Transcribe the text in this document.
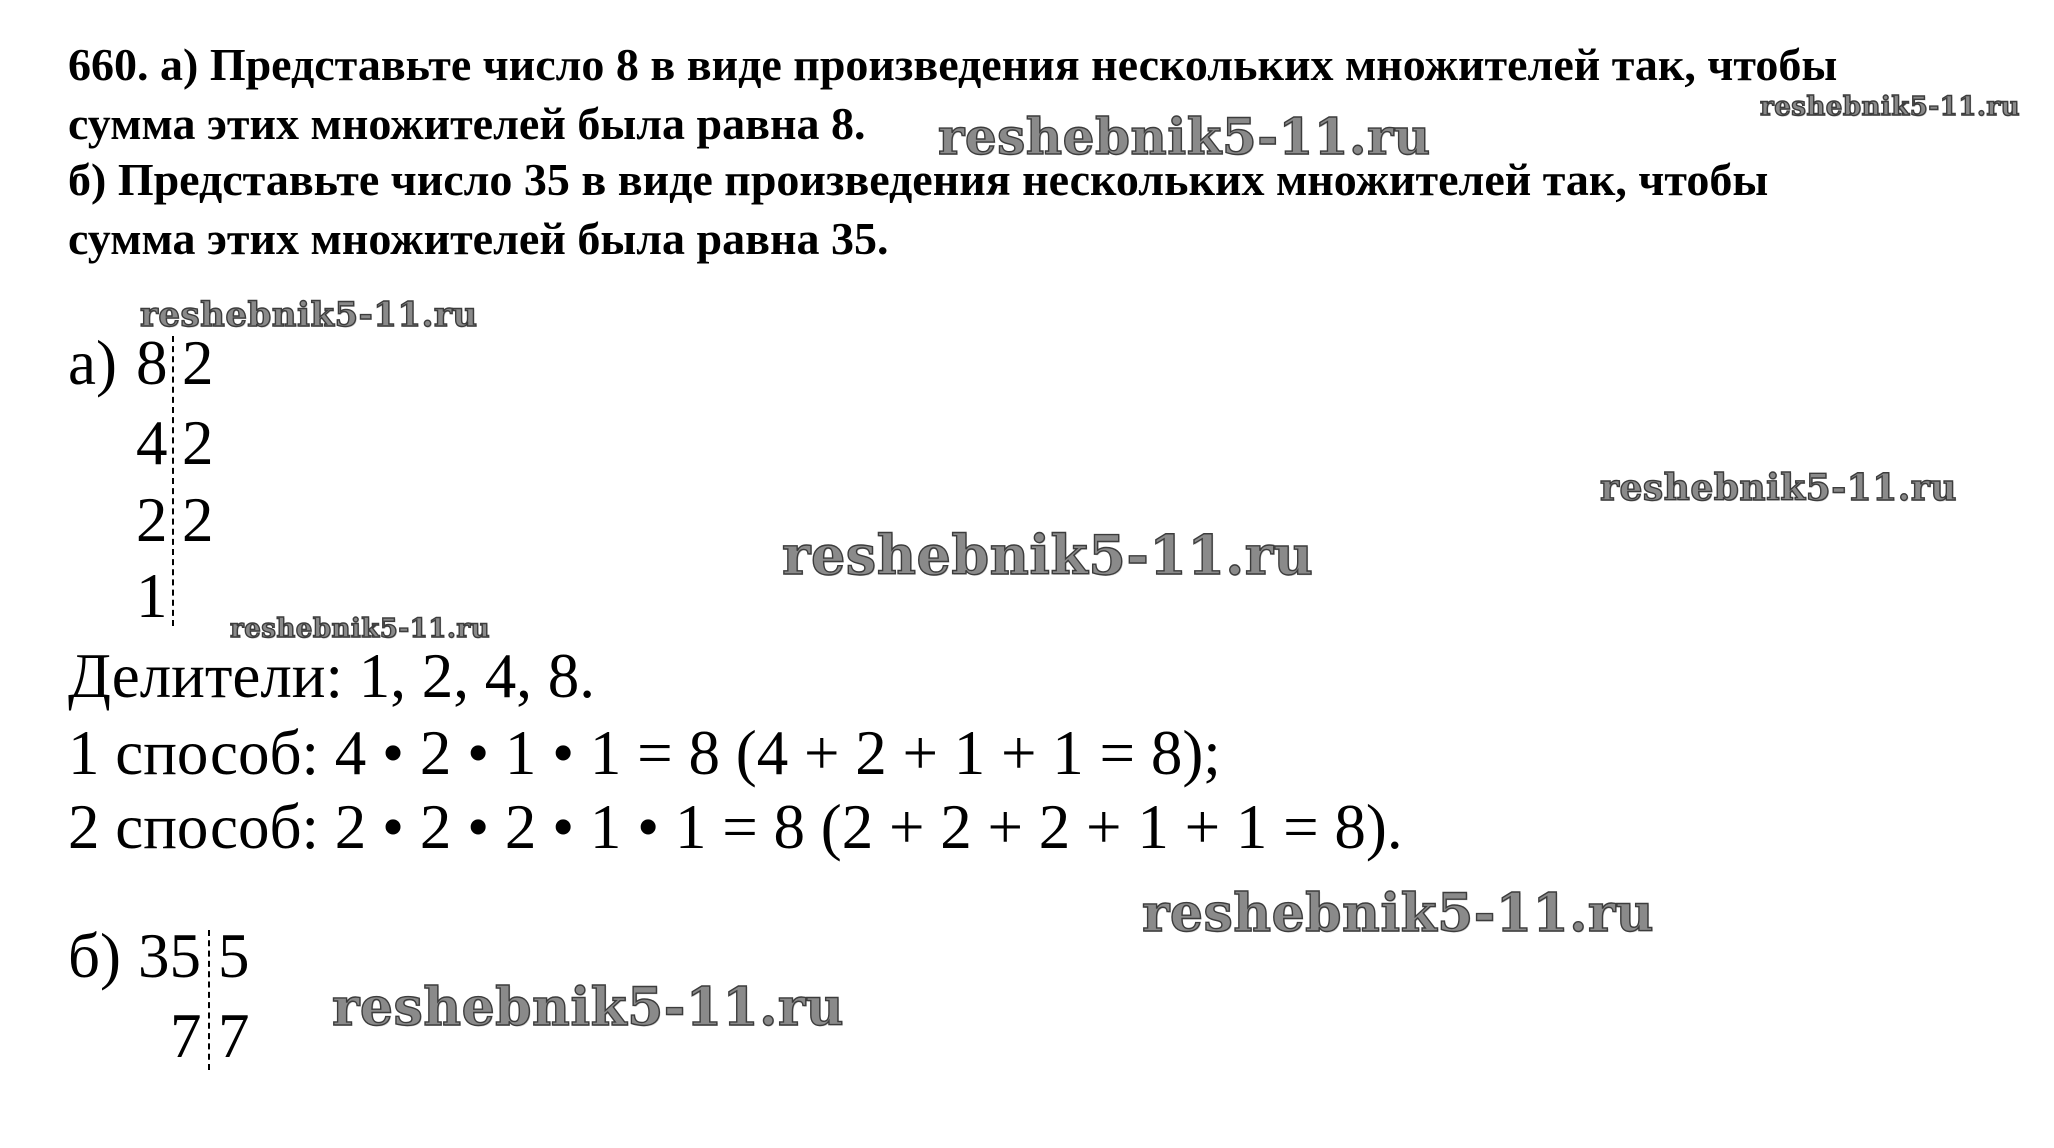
660. а) Представьте число 8 в виде произведения нескольких множителей так, чтобы
сумма этих множителей была равна 8.
б) Представьте число 35 в виде произведения нескольких множителей так, чтобы
сумма этих множителей была равна 35.
а) 8 2
4 2
2 2
1
Делители: 1, 2, 4, 8.
1 способ: 4 • 2 • 1 • 1 = 8 (4 + 2 + 1 + 1 = 8);
2 способ: 2 • 2 • 2 • 1 • 1 = 8 (2 + 2 + 2 + 1 + 1 = 8).
б) 35 5
7 7
reshebnik5-11.ru	reshebnik5-11.ru
reshebnik5-11.ru
reshebnik5-11.ru
reshebnik5-11.ru
reshebnik5-11.ru
reshebnik5-11.ru
reshebnik5-11.ru
